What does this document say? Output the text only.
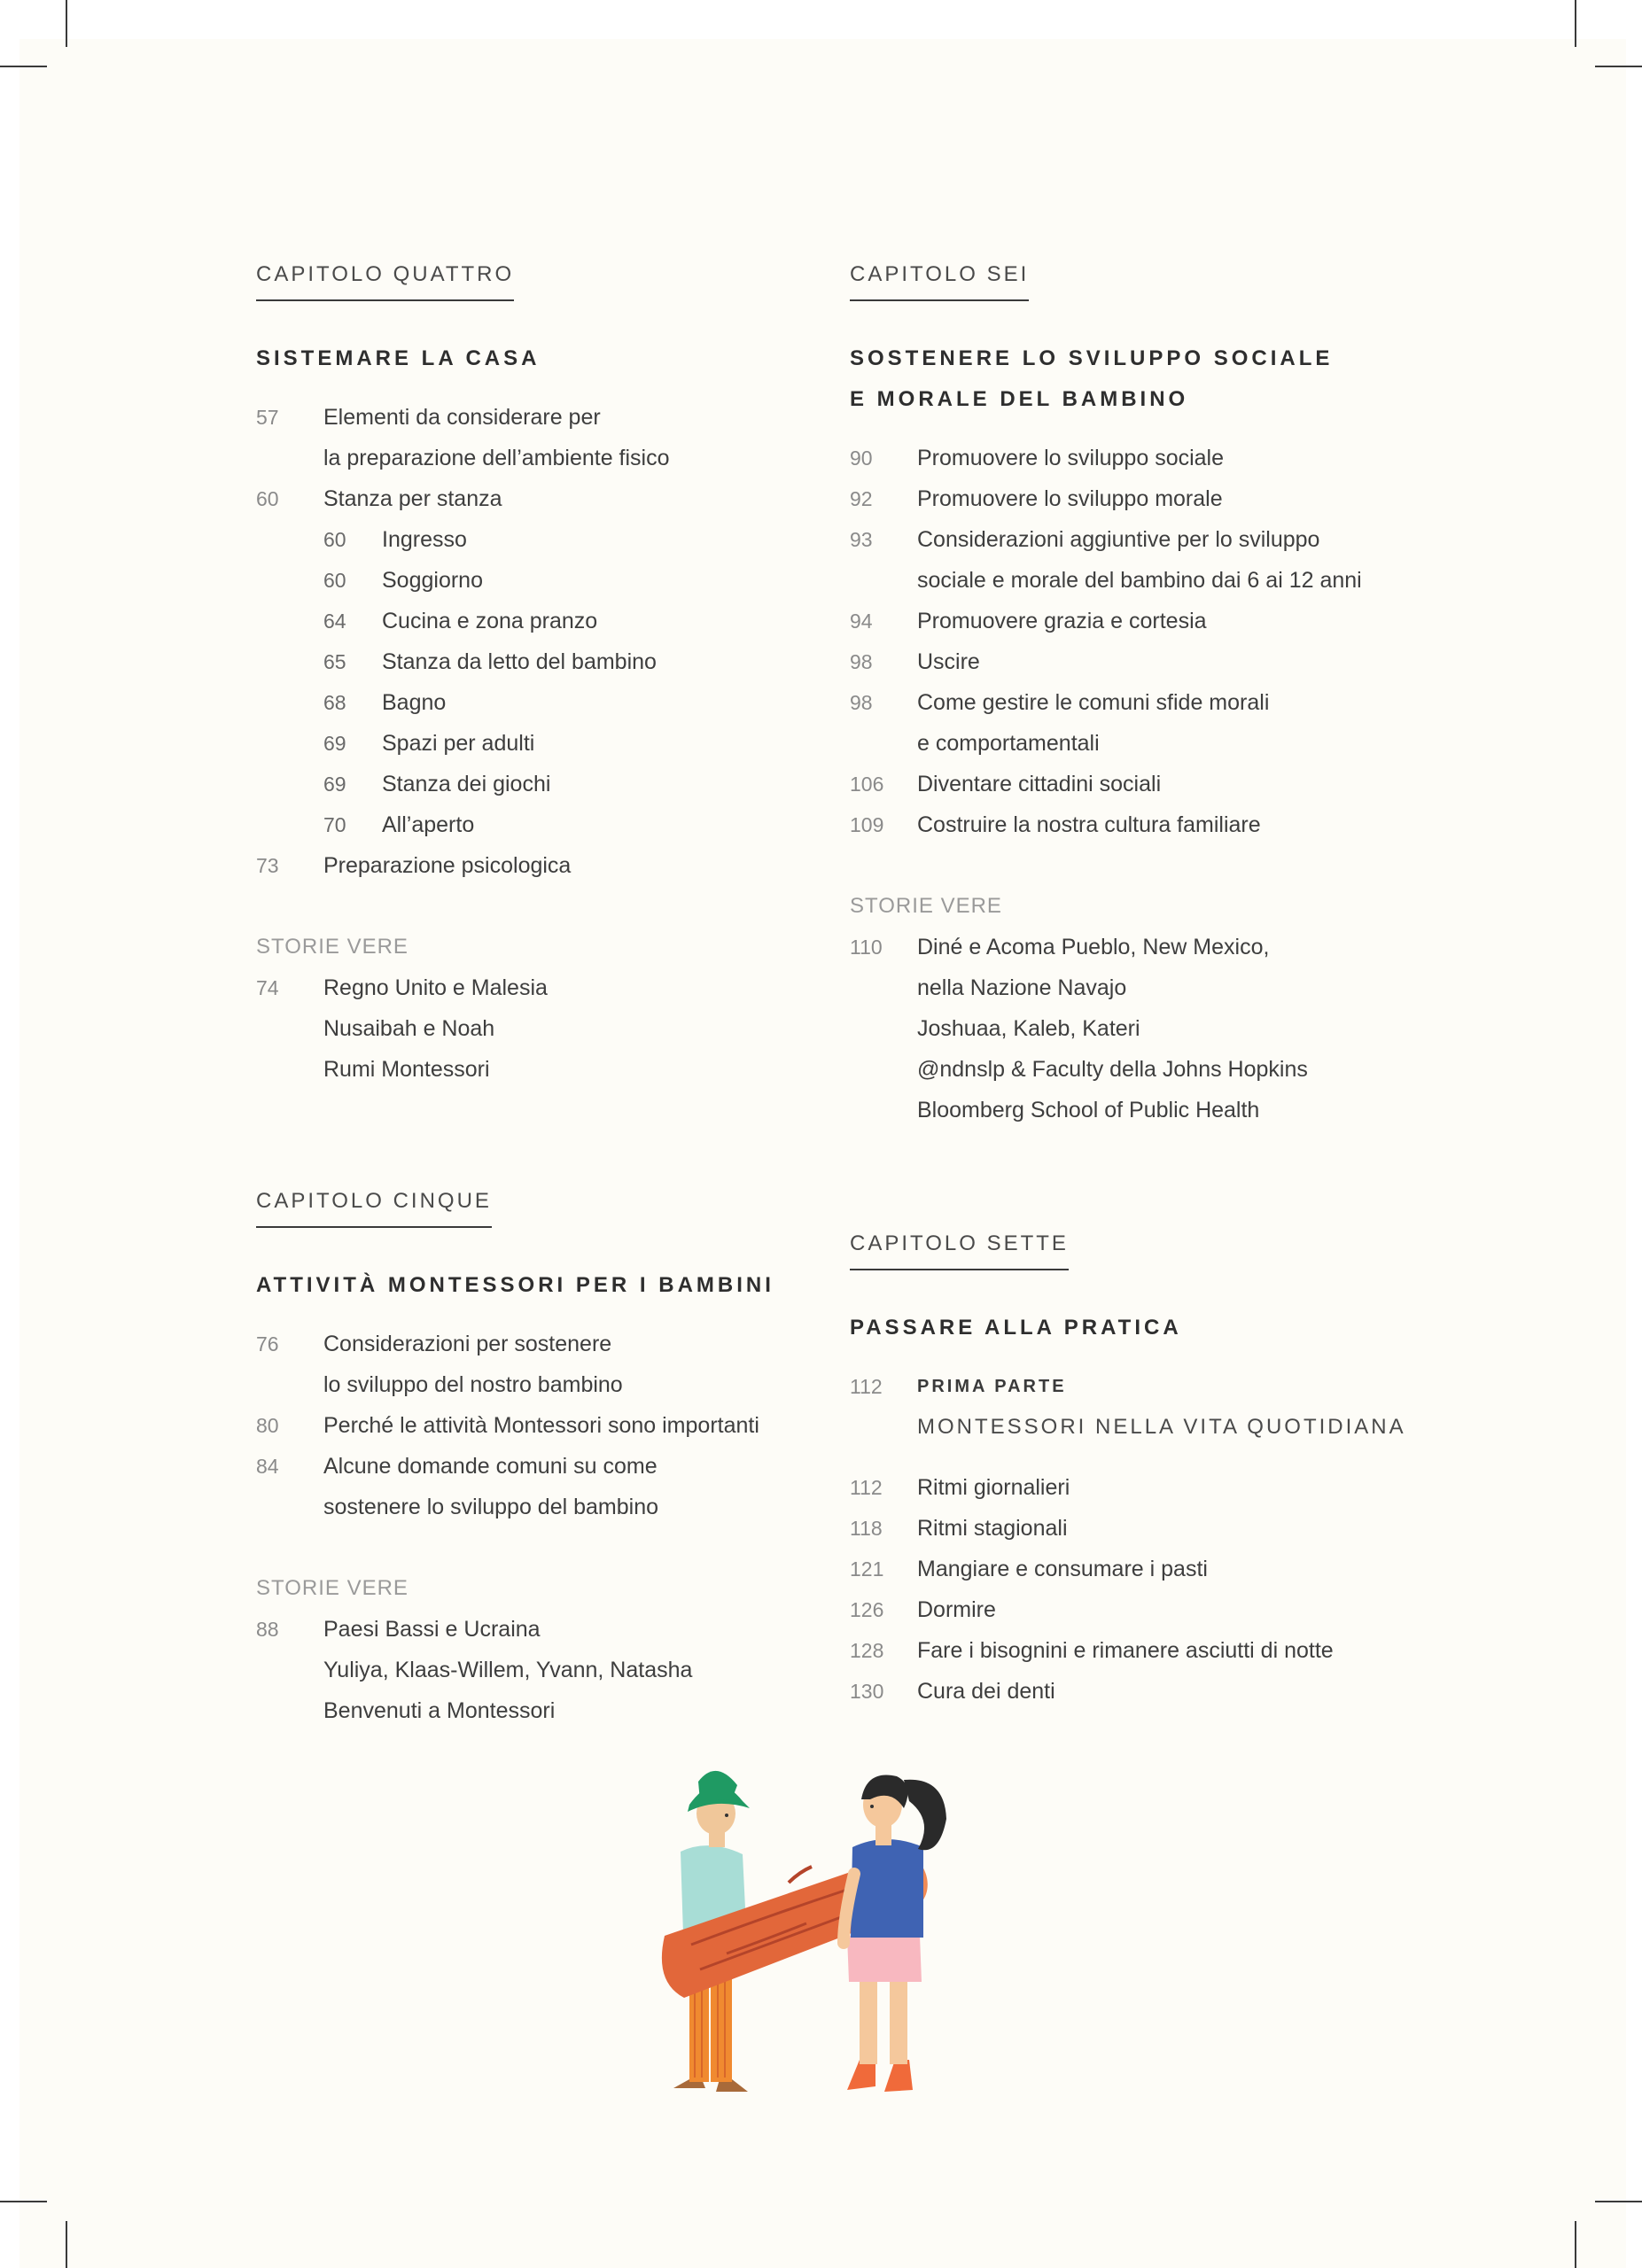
CAPITOLO QUATTRO
SISTEMARE LA CASA
57	Elementi da considerare per
la preparazione dell’ambiente fisico
60	Stanza per stanza
60	Ingresso
60	Soggiorno
64	Cucina e zona pranzo
65	Stanza da letto del bambino
68	Bagno
69	Spazi per adulti
69	Stanza dei giochi
70	All’aperto
73	Preparazione psicologica
STORIE VERE
74	Regno Unito e Malesia
Nusaibah e Noah
Rumi Montessori
CAPITOLO CINQUE
ATTIVITÀ MONTESSORI PER I BAMBINI
76	Considerazioni per sostenere
lo sviluppo del nostro bambino
80	Perché le attività Montessori sono importanti
84	Alcune domande comuni su come
sostenere lo sviluppo del bambino
STORIE VERE
88	Paesi Bassi e Ucraina
Yuliya, Klaas-Willem, Yvann, Natasha
Benvenuti a Montessori
CAPITOLO SEI
SOSTENERE LO SVILUPPO SOCIALE
E MORALE DEL BAMBINO
90	Promuovere lo sviluppo sociale
92	Promuovere lo sviluppo morale
93	Considerazioni aggiuntive per lo sviluppo
sociale e morale del bambino dai 6 ai 12 anni
94	Promuovere grazia e cortesia
98	Uscire
98	Come gestire le comuni sfide morali
e comportamentali
106	Diventare cittadini sociali
109	Costruire la nostra cultura familiare
STORIE VERE
110	Diné e Acoma Pueblo, New Mexico,
nella Nazione Navajo
Joshuaa, Kaleb, Kateri
@ndnslp & Faculty della Johns Hopkins
Bloomberg School of Public Health
CAPITOLO SETTE
PASSARE ALLA PRATICA
112	PRIMA PARTE
MONTESSORI NELLA VITA QUOTIDIANA
112	Ritmi giornalieri
118	Ritmi stagionali
121	Mangiare e consumare i pasti
126	Dormire
128	Fare i bisognini e rimanere asciutti di notte
130	Cura dei denti
